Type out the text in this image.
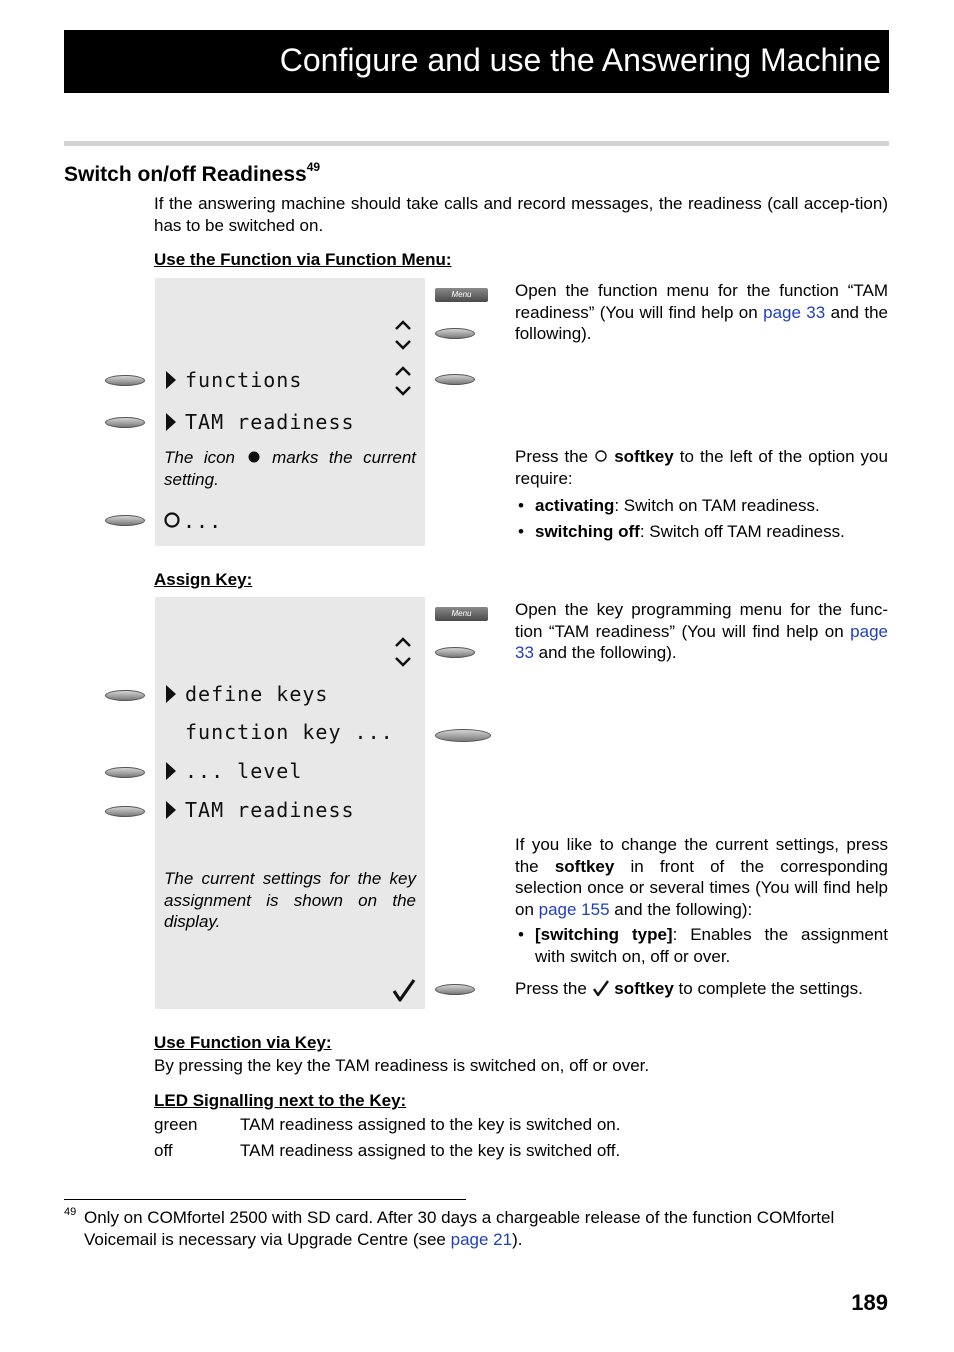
Configure and use the Answering Machine
Switch on/off Readiness$^{49}$
If the answering machine should take calls and record messages, the readiness (call accep-tion) has to be switched on.
Use the Function via Function Menu:
functions
TAM readiness
The icon marks the current setting.
...
Menu	Open the function menu for the function “TAM readiness” (You will find help on page 33 and the following).
Press the softkey to the left of the option you require:
• activating: Switch on TAM readiness.
• switching off: Switch off TAM readiness.
Assign Key:
define keys
function key ...
... level
TAM readiness
The current settings for the key assignment is shown on the display.
Menu	Open the key programming menu for the func-tion “TAM readiness” (You will find help on page 33 and the following).
If you like to change the current settings, press the softkey in front of the corresponding selection once or several times (You will find help on page 155 and the following):
• [switching type]: Enables the assignment with switch on, off or over.
Press the softkey to complete the settings.
Use Function via Key:
By pressing the key the TAM readiness is switched on, off or over.
LED Signalling next to the Key:
green	TAM readiness assigned to the key is switched on.
off	TAM readiness assigned to the key is switched off.
49 Only on COMfortel 2500 with SD card. After 30 days a chargeable release of the function COMfortel Voicemail is necessary via Upgrade Centre (see page 21).
189
